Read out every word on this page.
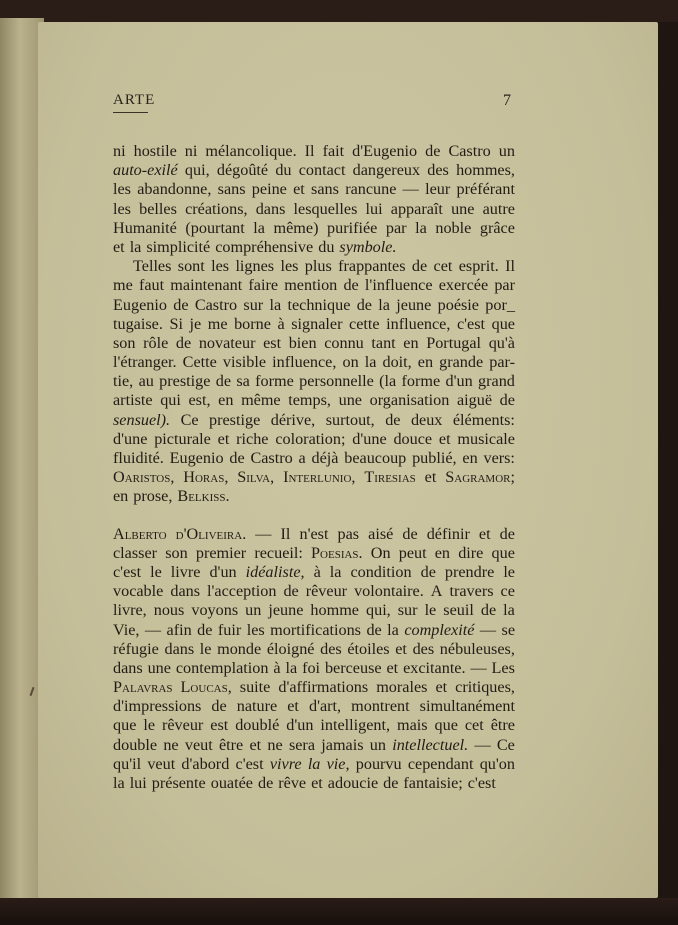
ARTE	7
ni hostile ni mélancolique. Il fait d'Eugenio de Castro un
auto-exilé qui, dégoûté du contact dangereux des hommes,
les abandonne, sans peine et sans rancune — leur préférant
les belles créations, dans lesquelles lui apparaît une autre
Humanité (pourtant la même) purifiée par la noble grâce
et la simplicité compréhensive du symbole.
Telles sont les lignes les plus frappantes de cet esprit. Il
me faut maintenant faire mention de l'influence exercée par
Eugenio de Castro sur la technique de la jeune poésie por_
tugaise. Si je me borne à signaler cette influence, c'est que
son rôle de novateur est bien connu tant en Portugal qu'à
l'étranger. Cette visible influence, on la doit, en grande par-
tie, au prestige de sa forme personnelle (la forme d'un grand
artiste qui est, en même temps, une organisation aiguë de
sensuel). Ce prestige dérive, surtout, de deux éléments:
d'une picturale et riche coloration; d'une douce et musicale
fluidité. Eugenio de Castro a déjà beaucoup publié, en vers:
Oaristos, Horas, Silva, Interlunio, Tiresias et Sagramor;
en prose, Belkiss.
Alberto d'Oliveira. — Il n'est pas aisé de définir et de
classer son premier recueil: Poesias. On peut en dire que
c'est le livre d'un idéaliste, à la condition de prendre le
vocable dans l'acception de rêveur volontaire. A travers ce
livre, nous voyons un jeune homme qui, sur le seuil de la
Vie, — afin de fuir les mortifications de la complexité — se
réfugie dans le monde éloigné des étoiles et des nébuleuses,
dans une contemplation à la foi berceuse et excitante. — Les
Palavras Loucas, suite d'affirmations morales et critiques,
d'impressions de nature et d'art, montrent simultanément
que le rêveur est doublé d'un intelligent, mais que cet être
double ne veut être et ne sera jamais un intellectuel. — Ce
qu'il veut d'abord c'est vivre la vie, pourvu cependant qu'on
la lui présente ouatée de rêve et adoucie de fantaisie; c'est
